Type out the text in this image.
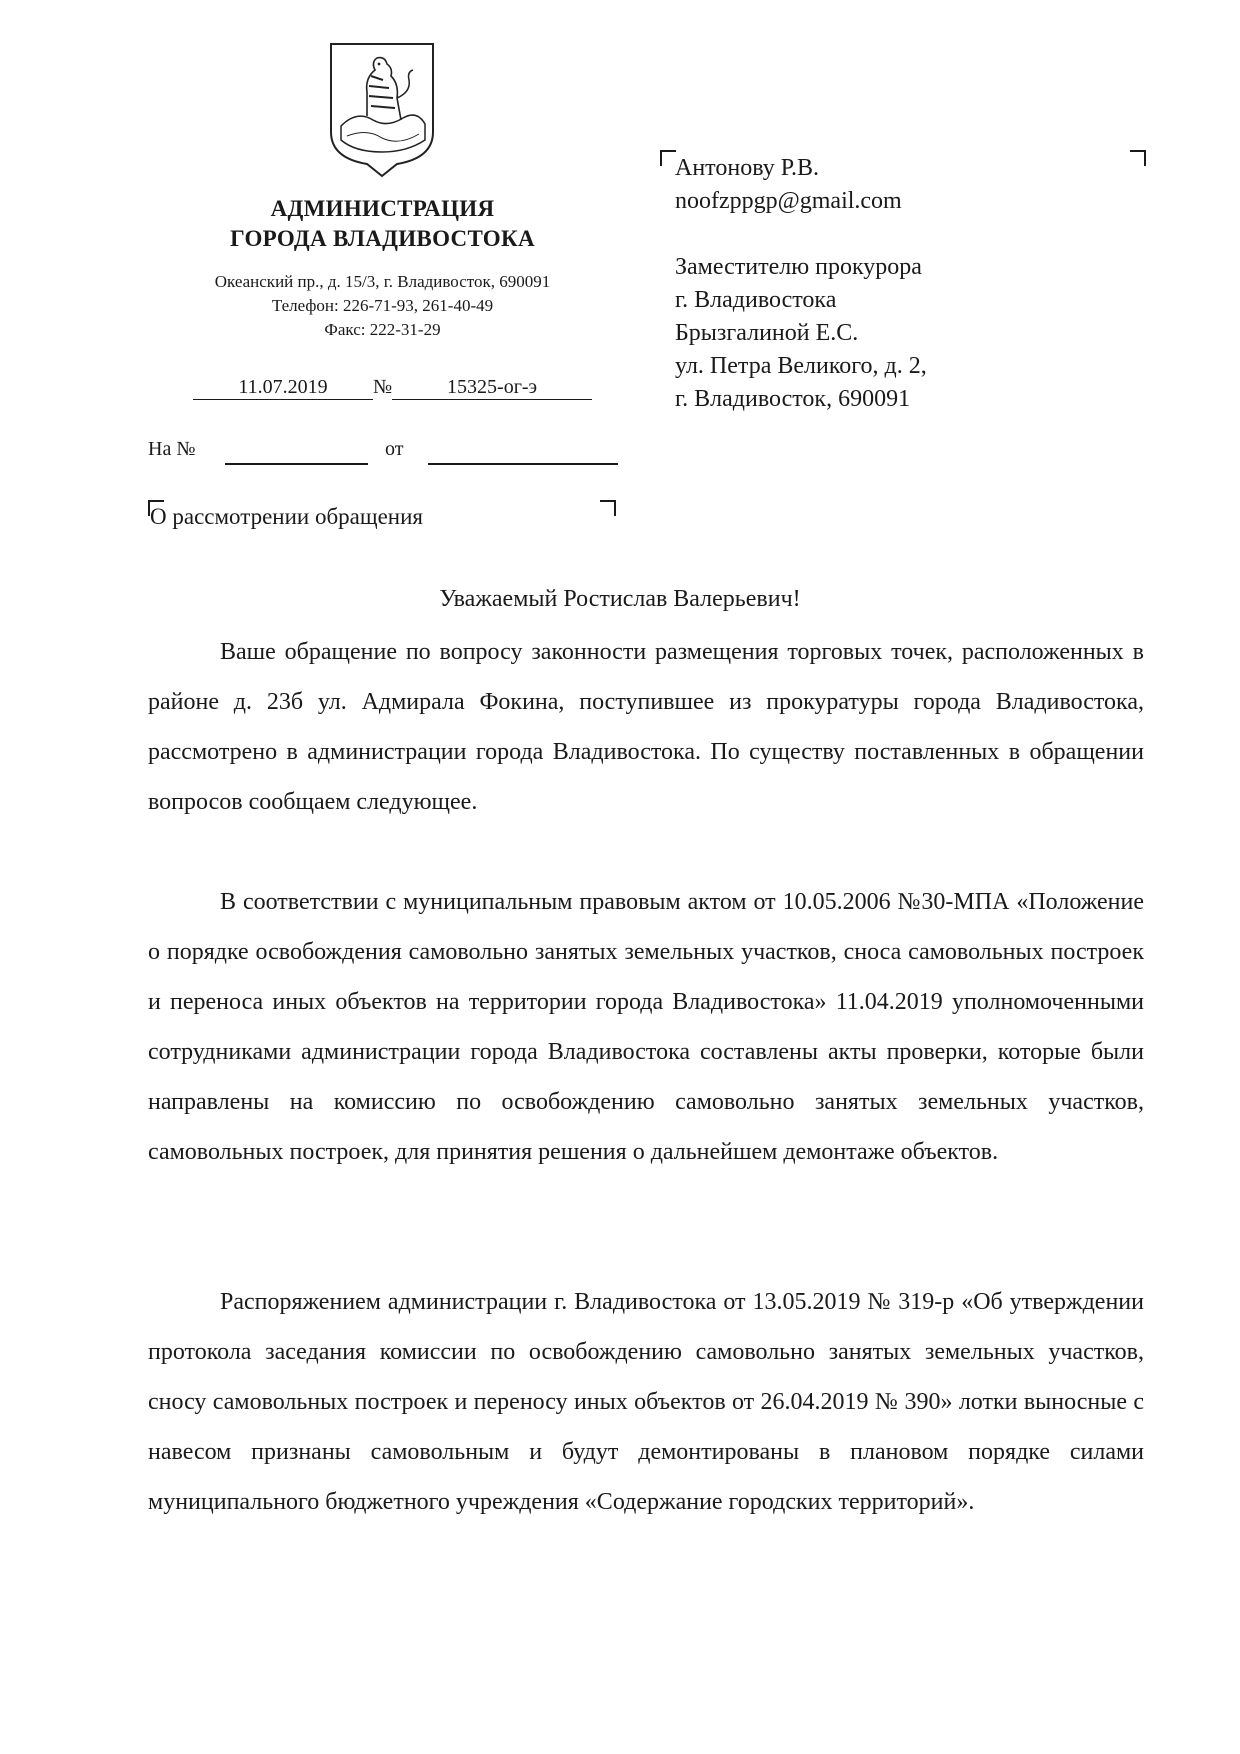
АДМИНИСТРАЦИЯ
ГОРОДА ВЛАДИВОСТОКА
Океанский пр., д. 15/3, г. Владивосток, 690091
Телефон: 226-71-93, 261-40-49
Факс: 222-31-29
11.07.2019 №	15325-ог-э
На №	от
Антонову Р.В.
noofzppgp@gmail.com
Заместителю прокурора
г. Владивостока
Брызгалиной Е.С.
ул. Петра Великого, д. 2,
г. Владивосток, 690091
О рассмотрении обращения
Уважаемый Ростислав Валерьевич!

Ваше обращение по вопросу законности размещения торговых точек, расположенных в районе д. 23б ул. Адмирала Фокина, поступившее из прокуратуры города Владивостока, рассмотрено в администрации города Владивостока. По существу поставленных в обращении вопросов сообщаем следующее.

В соответствии с муниципальным правовым актом от 10.05.2006 №30-МПА «Положение о порядке освобождения самовольно занятых земельных участков, сноса самовольных построек и переноса иных объектов на территории города Владивостока» 11.04.2019 уполномоченными сотрудниками администрации города Владивостока составлены акты проверки, которые были направлены на комиссию по освобождению самовольно занятых земельных участков, самовольных построек, для принятия решения о дальнейшем демонтаже объектов.

Распоряжением администрации г. Владивостока от 13.05.2019 № 319-р «Об утверждении протокола заседания комиссии по освобождению самовольно занятых земельных участков, сносу самовольных построек и переносу иных объектов от 26.04.2019 № 390» лотки выносные с навесом признаны самовольным и будут демонтированы в плановом порядке силами муниципального бюджетного учреждения «Содержание городских территорий».
